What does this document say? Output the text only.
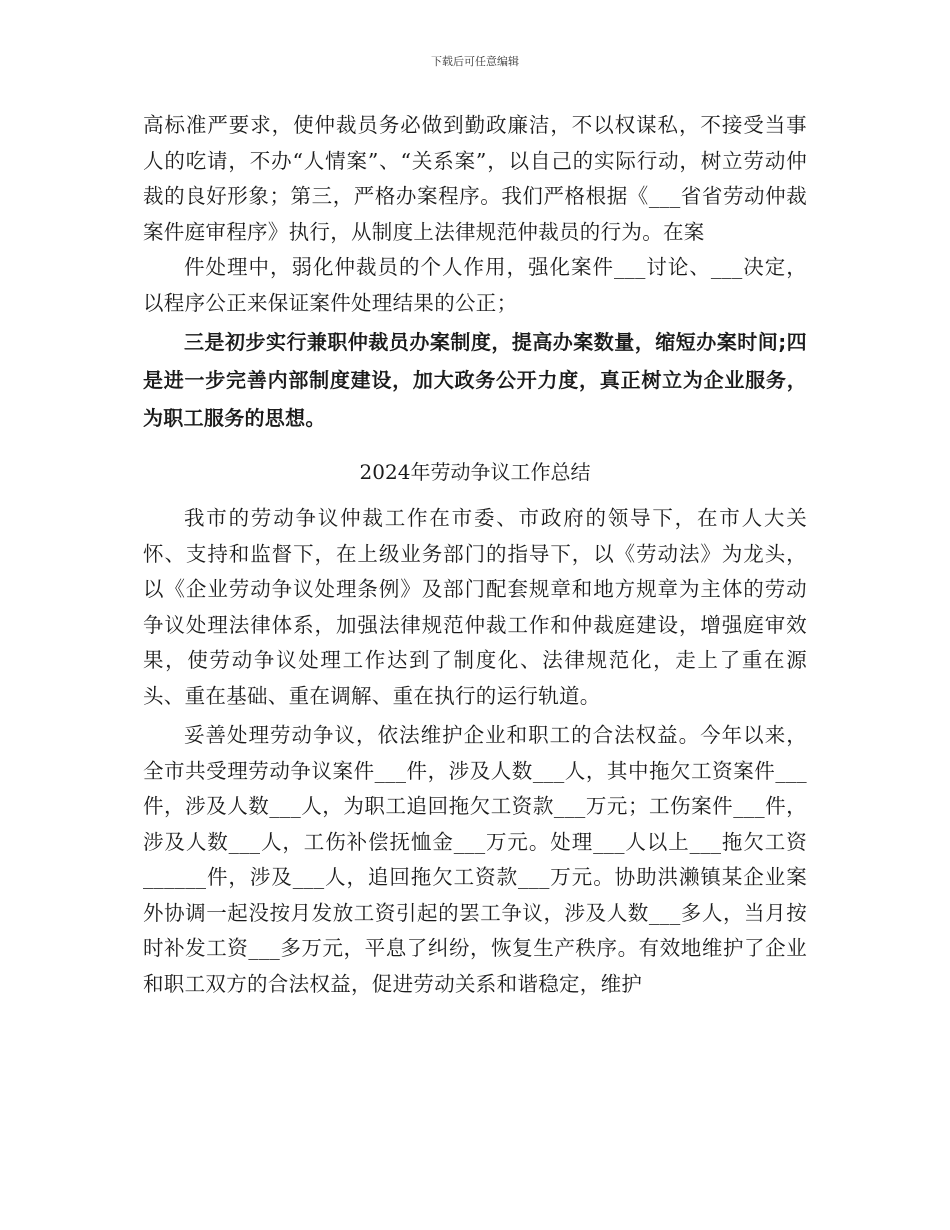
下载后可任意编辑

高标准严要求，使仲裁员务必做到勤政廉洁，不以权谋私，不接受当事人的吃请，不办“人情案”、“关系案”，以自己的实际行动，树立劳动仲裁的良好形象；第三，严格办案程序。我们严格根据《___省省劳动仲裁案件庭审程序》执行，从制度上法律规范仲裁员的行为。在案

件处理中，弱化仲裁员的个人作用，强化案件___讨论、___决定，以程序公正来保证案件处理结果的公正；

三是初步实行兼职仲裁员办案制度，提高办案数量，缩短办案时间;四是进一步完善内部制度建设，加大政务公开力度，真正树立为企业服务，为职工服务的思想。

2024年劳动争议工作总结

我市的劳动争议仲裁工作在市委、市政府的领导下，在市人大关怀、支持和监督下，在上级业务部门的指导下，以《劳动法》为龙头，以《企业劳动争议处理条例》及部门配套规章和地方规章为主体的劳动争议处理法律体系，加强法律规范仲裁工作和仲裁庭建设，增强庭审效果，使劳动争议处理工作达到了制度化、法律规范化，走上了重在源头、重在基础、重在调解、重在执行的运行轨道。

妥善处理劳动争议，依法维护企业和职工的合法权益。今年以来，全市共受理劳动争议案件___件，涉及人数___人，其中拖欠工资案件___件，涉及人数___人，为职工追回拖欠工资款___万元；工伤案件___件，涉及人数___人，工伤补偿抚恤金___万元。处理___人以上___拖欠工资______件，涉及___人，追回拖欠工资款___万元。协助洪濑镇某企业案外协调一起没按月发放工资引起的罢工争议，涉及人数___多人，当月按时补发工资___多万元，平息了纠纷，恢复生产秩序。有效地维护了企业和职工双方的合法权益，促进劳动关系和谐稳定，维护
